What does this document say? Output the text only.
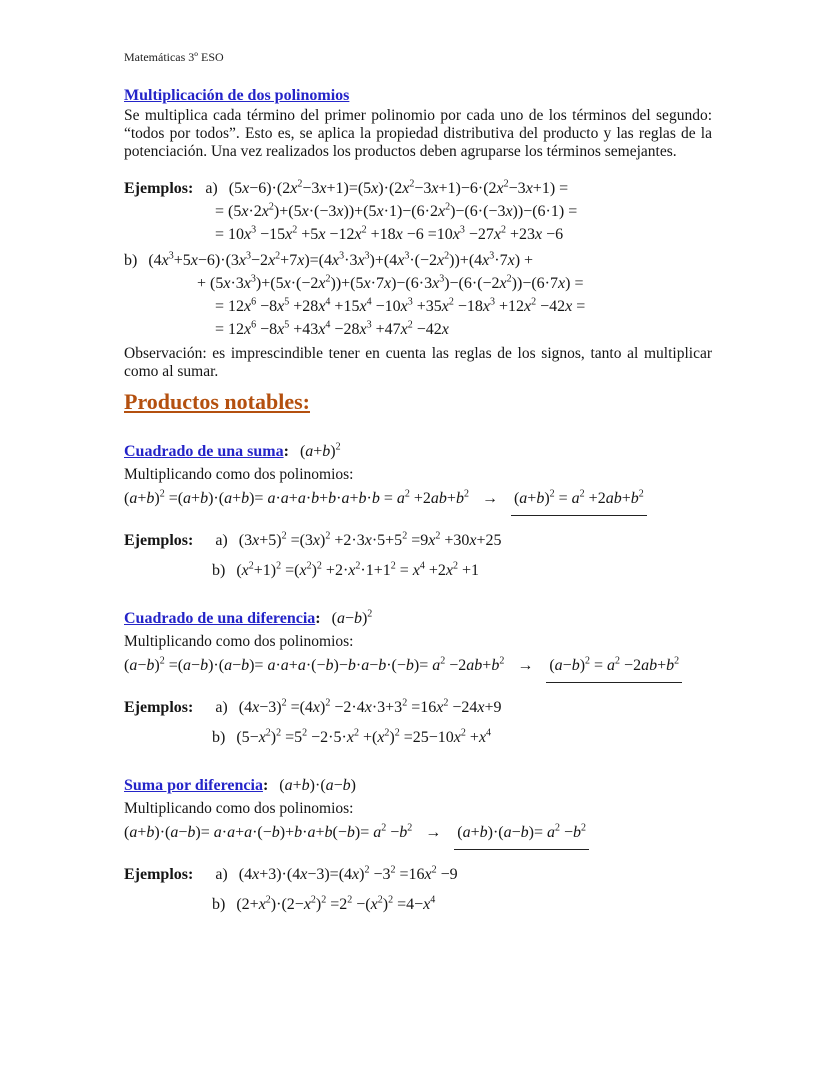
Matemáticas 3º ESO
Multiplicación de dos polinomios

Se multiplica cada término del primer polinomio por cada uno de los términos del segundo: “todos por todos”. Esto es, se aplica la propiedad distributiva del producto y las reglas de la potenciación. Una vez realizados los productos deben agruparse los términos semejantes.

Ejemplos: a) $(5x-6)\cdot(2x^2-3x+1)=(5x)\cdot(2x^2-3x+1)-6\cdot(2x^2-3x+1)$ =
= $(5x\cdot 2x^2)+(5x\cdot(-3x))+(5x\cdot 1)-(6\cdot 2x^2)-(6\cdot(-3x))-(6\cdot 1)$ =
= $10x^3 -15x^2 +5x -12x^2 +18x -6 =10x^3 -27x^2 +23x -6$
b) $(4x^3+5x-6)\cdot(3x^3-2x^2+7x)=(4x^3\cdot 3x^3)+(4x^3\cdot(-2x^2))+(4x^3\cdot 7x)$ +
+ $(5x\cdot 3x^3)+(5x\cdot(-2x^2))+(5x\cdot 7x)-(6\cdot 3x^3)-(6\cdot(-2x^2))-(6\cdot 7x)$ =
= $12x^6 -8x^5 +28x^4 +15x^4 -10x^3 +35x^2 -18x^3 +12x^2 -42x$ =
= $12x^6 -8x^5 +43x^4 -28x^3 +47x^2 -42x$

Observación: es imprescindible tener en cuenta las reglas de los signos, tanto al multiplicar como al sumar.

Productos notables:
Cuadrado de una suma: $(a+b)^2$
Multiplicando como dos polinomios:
$(a+b)^2 =(a+b)\cdot(a+b)= a\cdot a+a\cdot b+b\cdot a+b\cdot b = a^2 +2ab+b^2 \to (a+b)^2 = a^2 +2ab+b^2$
Ejemplos: a) $(3x+5)^2 =(3x)^2 +2\cdot 3x\cdot 5+5^2 =9x^2 +30x+25$
b) $(x^2+1)^2 =(x^2)^2 +2\cdot x^2\cdot 1+1^2 = x^4 +2x^2 +1$
Cuadrado de una diferencia: $(a-b)^2$
Multiplicando como dos polinomios:
$(a-b)^2 =(a-b)\cdot(a-b)= a\cdot a+a\cdot(-b)-b\cdot a-b\cdot(-b)= a^2 -2ab+b^2 \to (a-b)^2 = a^2 -2ab+b^2$
Ejemplos: a) $(4x-3)^2 =(4x)^2 -2\cdot 4x\cdot 3+3^2 =16x^2 -24x+9$
b) $(5-x^2)^2 =5^2 -2\cdot 5\cdot x^2 +(x^2)^2 =25-10x^2 +x^4$
Suma por diferencia: (a+b)·(a−b)
Multiplicando como dos polinomios:
$(a+b)\cdot(a-b)= a\cdot a+a\cdot(-b)+b\cdot a+b(-b)= a^2 -b^2 \to (a+b)\cdot(a-b)= a^2 -b^2$
Ejemplos: a) $(4x+3)\cdot(4x-3)=(4x)^2 -3^2 =16x^2 -9$
b) $(2+x^2)\cdot(2-x^2)^2 =2^2 -(x^2)^2 =4-x^4$
